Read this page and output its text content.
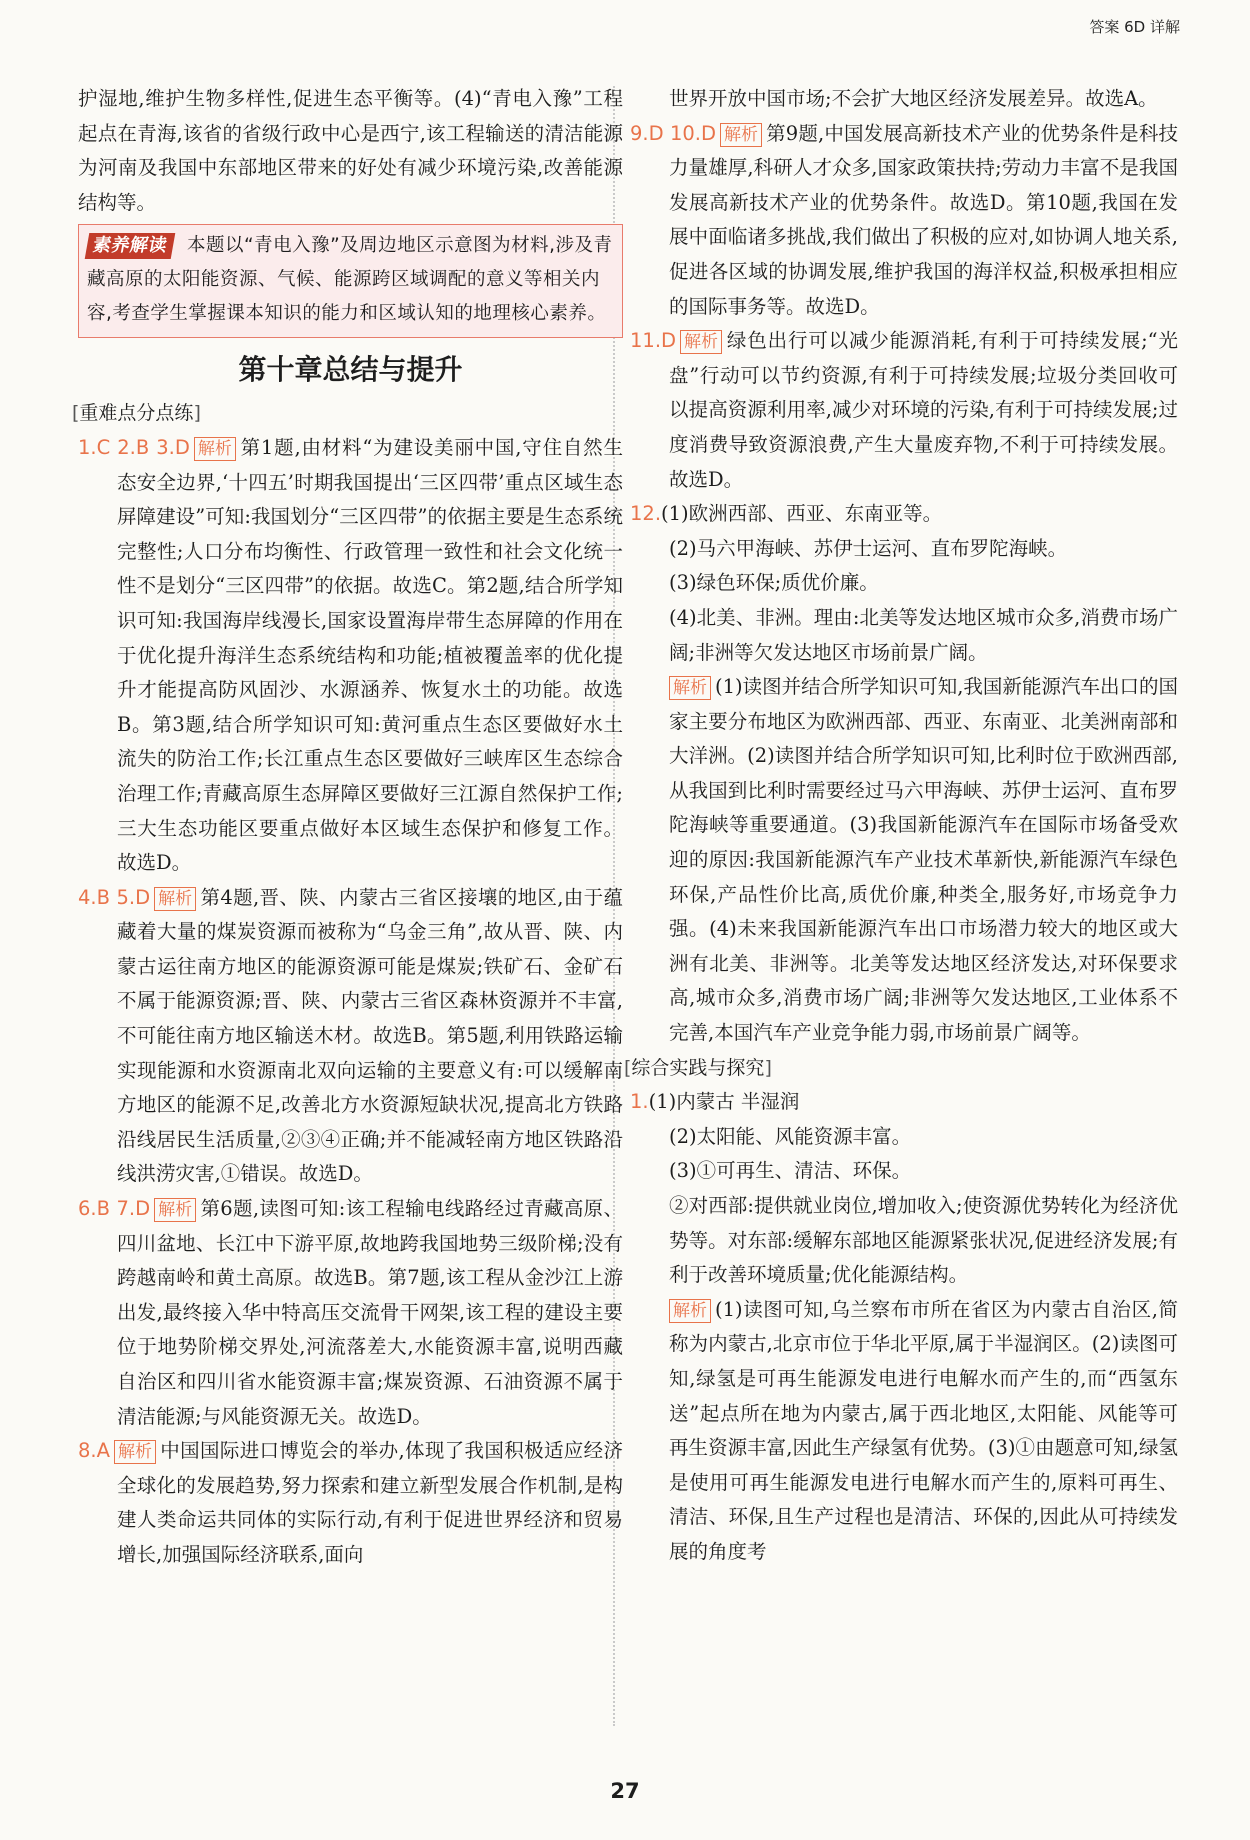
答案 6D 详解

护湿地,维护生物多样性,促进生态平衡等。(4)“青电入豫”工程起点在青海,该省的省级行政中心是西宁,该工程输送的清洁能源为河南及我国中东部地区带来的好处有减少环境污染,改善能源结构等。

素养解读 本题以“青电入豫”及周边地区示意图为材料,涉及青藏高原的太阳能资源、气候、能源跨区域调配的意义等相关内容,考查学生掌握课本知识的能力和区域认知的地理核心素养。
第十章总结与提升
[重难点分点练]

1.C 2.B 3.D 解析 第1题,由材料“为建设美丽中国,守住自然生态安全边界,‘十四五’时期我国提出‘三区四带’重点区域生态屏障建设”可知:我国划分“三区四带”的依据主要是生态系统完整性;人口分布均衡性、行政管理一致性和社会文化统一性不是划分“三区四带”的依据。故选C。第2题,结合所学知识可知:我国海岸线漫长,国家设置海岸带生态屏障的作用在于优化提升海洋生态系统结构和功能;植被覆盖率的优化提升才能提高防风固沙、水源涵养、恢复水土的功能。故选B。第3题,结合所学知识可知:黄河重点生态区要做好水土流失的防治工作;长江重点生态区要做好三峡库区生态综合治理工作;青藏高原生态屏障区要做好三江源自然保护工作;三大生态功能区要重点做好本区域生态保护和修复工作。故选D。

4.B 5.D 解析 第4题,晋、陕、内蒙古三省区接壤的地区,由于蕴藏着大量的煤炭资源而被称为“乌金三角”,故从晋、陕、内蒙古运往南方地区的能源资源可能是煤炭;铁矿石、金矿石不属于能源资源;晋、陕、内蒙古三省区森林资源并不丰富,不可能往南方地区输送木材。故选B。第5题,利用铁路运输实现能源和水资源南北双向运输的主要意义有:可以缓解南方地区的能源不足,改善北方水资源短缺状况,提高北方铁路沿线居民生活质量,②③④正确;并不能减轻南方地区铁路沿线洪涝灾害,①错误。故选D。

6.B 7.D 解析 第6题,读图可知:该工程输电线路经过青藏高原、四川盆地、长江中下游平原,故地跨我国地势三级阶梯;没有跨越南岭和黄土高原。故选B。第7题,该工程从金沙江上游出发,最终接入华中特高压交流骨干网架,该工程的建设主要位于地势阶梯交界处,河流落差大,水能资源丰富,说明西藏自治区和四川省水能资源丰富;煤炭资源、石油资源不属于清洁能源;与风能资源无关。故选D。

8.A 解析 中国国际进口博览会的举办,体现了我国积极适应经济全球化的发展趋势,努力探索和建立新型发展合作机制,是构建人类命运共同体的实际行动,有利于促进世界经济和贸易增长,加强国际经济联系,面向

世界开放中国市场;不会扩大地区经济发展差异。故选A。

9.D 10.D 解析 第9题,中国发展高新技术产业的优势条件是科技力量雄厚,科研人才众多,国家政策扶持;劳动力丰富不是我国发展高新技术产业的优势条件。故选D。第10题,我国在发展中面临诸多挑战,我们做出了积极的应对,如协调人地关系,促进各区域的协调发展,维护我国的海洋权益,积极承担相应的国际事务等。故选D。

11.D 解析 绿色出行可以减少能源消耗,有利于可持续发展;“光盘”行动可以节约资源,有利于可持续发展;垃圾分类回收可以提高资源利用率,减少对环境的污染,有利于可持续发展;过度消费导致资源浪费,产生大量废弃物,不利于可持续发展。故选D。

12.(1)欧洲西部、西亚、东南亚等。

(2)马六甲海峡、苏伊士运河、直布罗陀海峡。

(3)绿色环保;质优价廉。

(4)北美、非洲。理由:北美等发达地区城市众多,消费市场广阔;非洲等欠发达地区市场前景广阔。

解析 (1)读图并结合所学知识可知,我国新能源汽车出口的国家主要分布地区为欧洲西部、西亚、东南亚、北美洲南部和大洋洲。(2)读图并结合所学知识可知,比利时位于欧洲西部,从我国到比利时需要经过马六甲海峡、苏伊士运河、直布罗陀海峡等重要通道。(3)我国新能源汽车在国际市场备受欢迎的原因:我国新能源汽车产业技术革新快,新能源汽车绿色环保,产品性价比高,质优价廉,种类全,服务好,市场竞争力强。(4)未来我国新能源汽车出口市场潜力较大的地区或大洲有北美、非洲等。北美等发达地区经济发达,对环保要求高,城市众多,消费市场广阔;非洲等欠发达地区,工业体系不完善,本国汽车产业竞争能力弱,市场前景广阔等。

[综合实践与探究]

1.(1)内蒙古 半湿润

(2)太阳能、风能资源丰富。

(3)①可再生、清洁、环保。

②对西部:提供就业岗位,增加收入;使资源优势转化为经济优势等。对东部:缓解东部地区能源紧张状况,促进经济发展;有利于改善环境质量;优化能源结构。

解析 (1)读图可知,乌兰察布市所在省区为内蒙古自治区,简称为内蒙古,北京市位于华北平原,属于半湿润区。(2)读图可知,绿氢是可再生能源发电进行电解水而产生的,而“西氢东送”起点所在地为内蒙古,属于西北地区,太阳能、风能等可再生资源丰富,因此生产绿氢有优势。(3)①由题意可知,绿氢是使用可再生能源发电进行电解水而产生的,原料可再生、清洁、环保,且生产过程也是清洁、环保的,因此从可持续发展的角度考

27
